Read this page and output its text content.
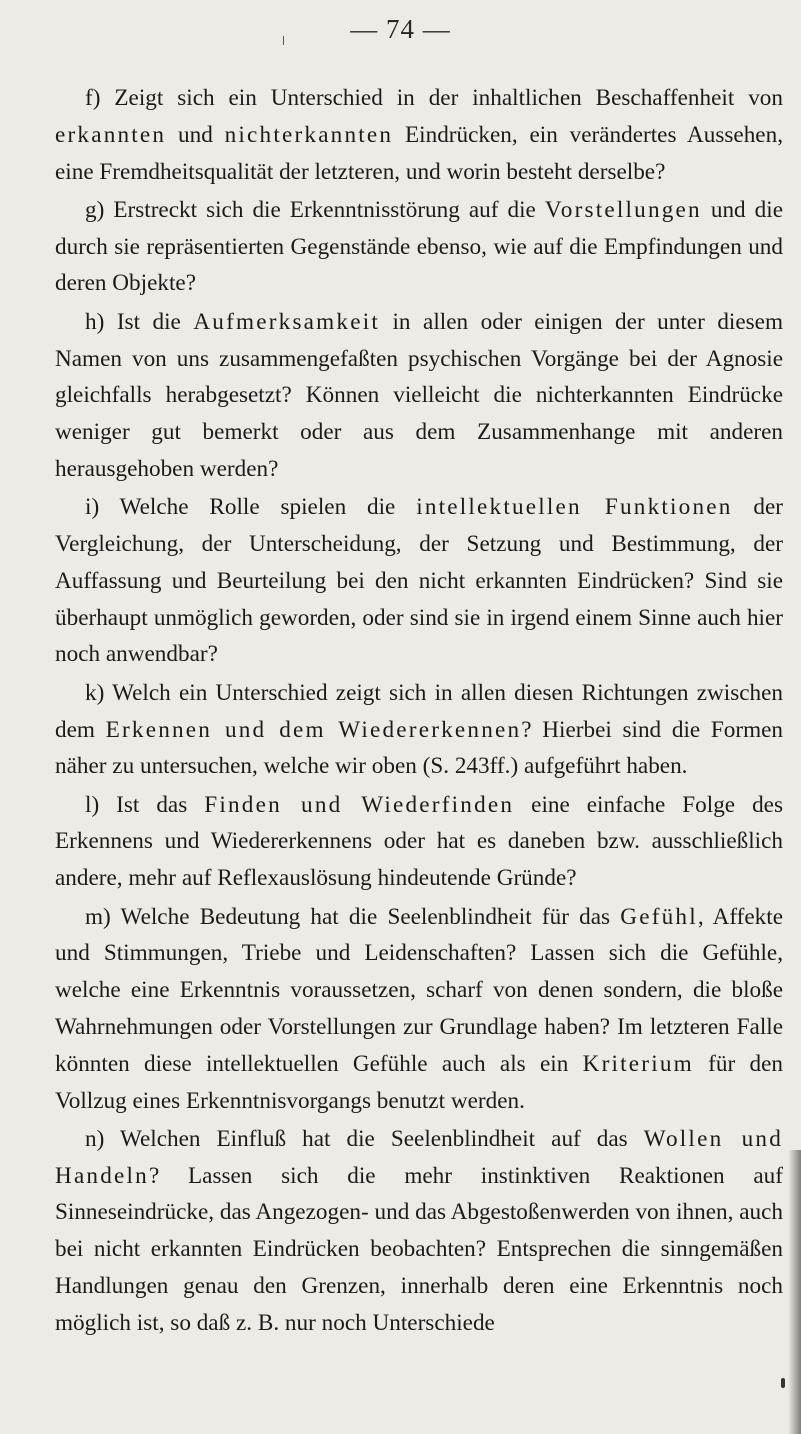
— 74 —

f) Zeigt sich ein Unterschied in der inhaltlichen Beschaffenheit von erkannten und nichterkannten Eindrücken, ein verändertes Aussehen, eine Fremdheitsqualität der letzteren, und worin besteht derselbe?

g) Erstreckt sich die Erkenntnisstörung auf die Vorstellungen und die durch sie repräsentierten Gegenstände ebenso, wie auf die Empfindungen und deren Objekte?

h) Ist die Aufmerksamkeit in allen oder einigen der unter diesem Namen von uns zusammengefaßten psychischen Vorgänge bei der Agnosie gleichfalls herabgesetzt? Können vielleicht die nichterkannten Eindrücke weniger gut bemerkt oder aus dem Zusammenhange mit anderen herausgehoben werden?

i) Welche Rolle spielen die intellektuellen Funktionen der Vergleichung, der Unterscheidung, der Setzung und Bestimmung, der Auffassung und Beurteilung bei den nicht erkannten Eindrücken? Sind sie überhaupt unmöglich geworden, oder sind sie in irgend einem Sinne auch hier noch anwendbar?

k) Welch ein Unterschied zeigt sich in allen diesen Richtungen zwischen dem Erkennen und dem Wiedererkennen? Hierbei sind die Formen näher zu untersuchen, welche wir oben (S. 243ff.) aufgeführt haben.

l) Ist das Finden und Wiederfinden eine einfache Folge des Erkennens und Wiedererkennens oder hat es daneben bzw. ausschließlich andere, mehr auf Reflexauslösung hindeutende Gründe?

m) Welche Bedeutung hat die Seelenblindheit für das Gefühl, Affekte und Stimmungen, Triebe und Leidenschaften? Lassen sich die Gefühle, welche eine Erkenntnis voraussetzen, scharf von denen sondern, die bloße Wahrnehmungen oder Vorstellungen zur Grundlage haben? Im letzteren Falle könnten diese intellektuellen Gefühle auch als ein Kriterium für den Vollzug eines Erkenntnisvorgangs benutzt werden.

n) Welchen Einfluß hat die Seelenblindheit auf das Wollen und Handeln? Lassen sich die mehr instinktiven Reaktionen auf Sinneseindrücke, das Angezogen- und das Abgestoßenwerden von ihnen, auch bei nicht erkannten Eindrücken beobachten? Entsprechen die sinngemäßen Handlungen genau den Grenzen, innerhalb deren eine Erkenntnis noch möglich ist, so daß z. B. nur noch Unterschiede
